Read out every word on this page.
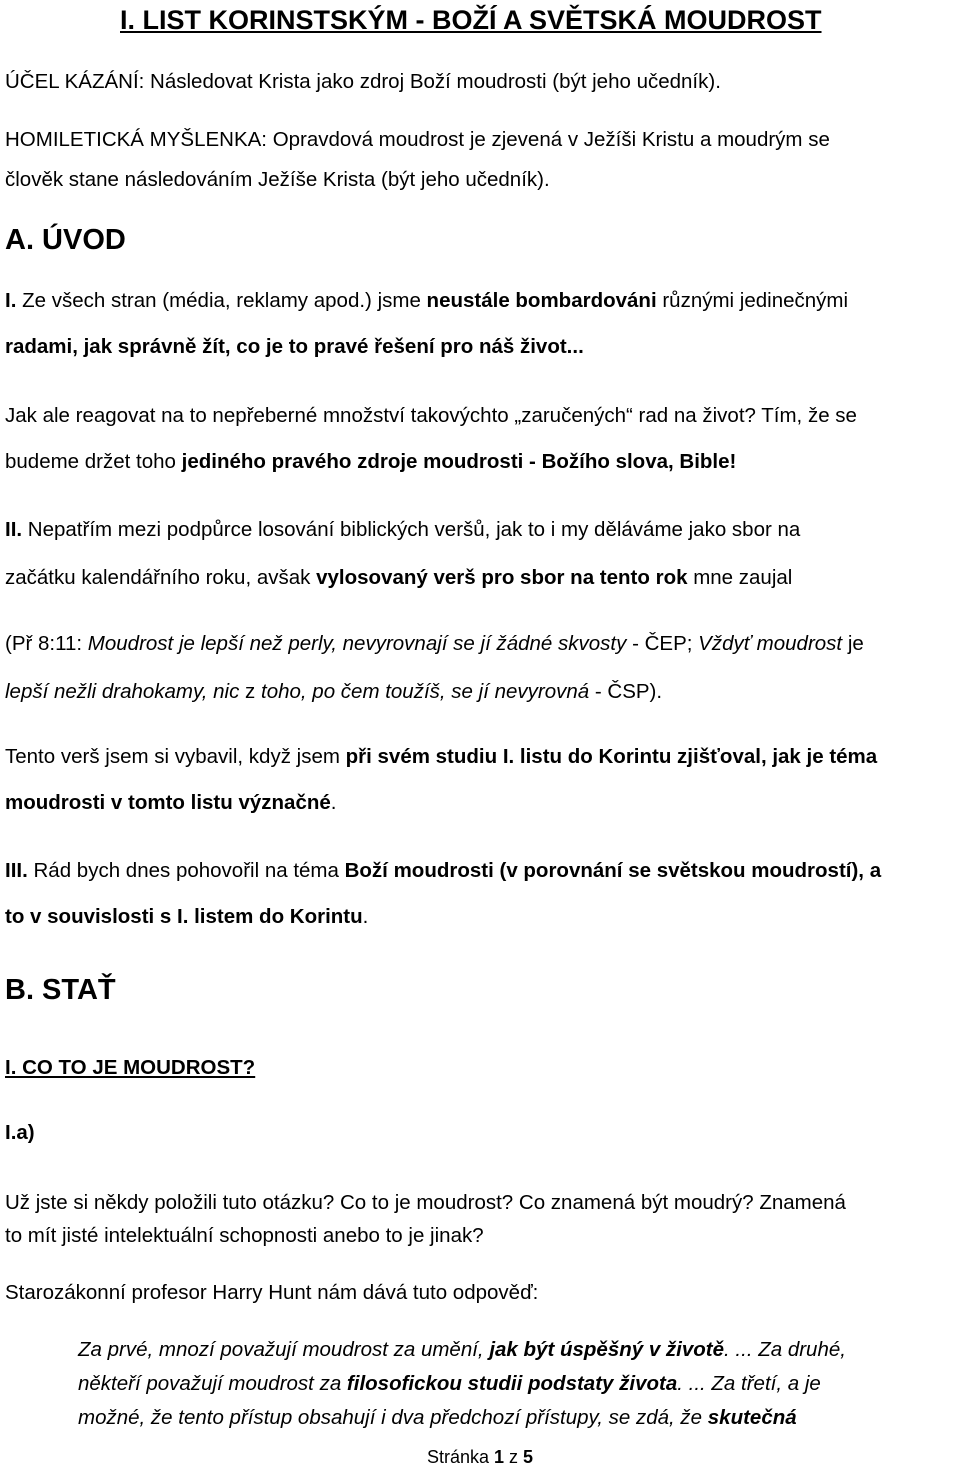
I. LIST KORINSTSKÝM - BOŽÍ A SVĚTSKÁ MOUDROST

ÚČEL KÁZÁNÍ: Následovat Krista jako zdroj Boží moudrosti (být jeho učedník).

HOMILETICKÁ MYŠLENKA: Opravdová moudrost je zjevená v Ježíši Kristu a moudrým se
člověk stane následováním Ježíše Krista (být jeho učedník).

A. ÚVOD

I. Ze všech stran (média, reklamy apod.) jsme neustále bombardováni různými jedinečnými
radami, jak správně žít, co je to pravé řešení pro náš život...

Jak ale reagovat na to nepřeberné množství takovýchto „zaručených“ rad na život? Tím, že se
budeme držet toho jediného pravého zdroje moudrosti - Božího slova, Bible!

II. Nepatřím mezi podpůrce losování biblických veršů, jak to i my děláváme jako sbor na
začátku kalendářního roku, avšak vylosovaný verš pro sbor na tento rok mne zaujal

(Př 8:11: Moudrost je lepší než perly, nevyrovnají se jí žádné skvosty - ČEP; Vždyť moudrost je
lepší nežli drahokamy, nic z toho, po čem toužíš, se jí nevyrovná - ČSP).

Tento verš jsem si vybavil, když jsem při svém studiu I. listu do Korintu zjišťoval, jak je téma
moudrosti v tomto listu význačné.

III. Rád bych dnes pohovořil na téma Boží moudrosti (v porovnání se světskou moudrostí), a
to v souvislosti s I. listem do Korintu.

B. STAŤ
I. CO TO JE MOUDROST?
I.a)

Už jste si někdy položili tuto otázku? Co to je moudrost? Co znamená být moudrý? Znamená
to mít jisté intelektuální schopnosti anebo to je jinak?

Starozákonní profesor Harry Hunt nám dává tuto odpověď:

Za prvé, mnozí považují moudrost za umění, jak být úspěšný v životě. ... Za druhé,
někteří považují moudrost za filosofickou studii podstaty života. ... Za třetí, a je
možné, že tento přístup obsahují i dva předchozí přístupy, se zdá, že skutečná

Stránka 1 z 5
